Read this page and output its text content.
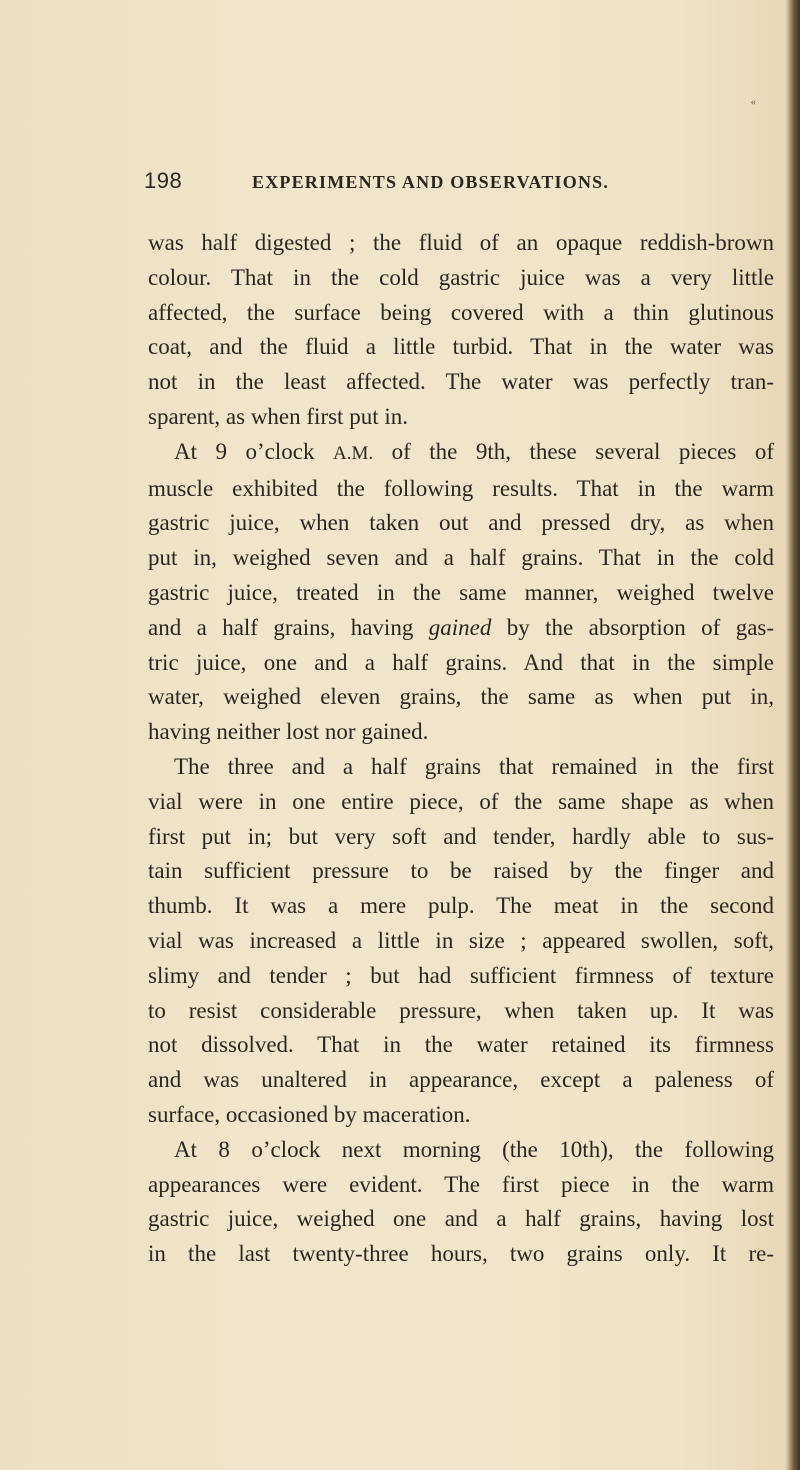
«
198	EXPERIMENTS AND OBSERVATIONS.

was half digested ; the fluid of an opaque reddish-brown
colour. That in the cold gastric juice was a very little
affected, the surface being covered with a thin glutinous
coat, and the fluid a little turbid. That in the water was
not in the least affected. The water was perfectly tran-
sparent, as when first put in.

At 9 o’clock A.M. of the 9th, these several pieces of
muscle exhibited the following results. That in the warm
gastric juice, when taken out and pressed dry, as when
put in, weighed seven and a half grains. That in the cold
gastric juice, treated in the same manner, weighed twelve
and a half grains, having gained by the absorption of gas-
tric juice, one and a half grains. And that in the simple
water, weighed eleven grains, the same as when put in,
having neither lost nor gained.

The three and a half grains that remained in the first
vial were in one entire piece, of the same shape as when
first put in; but very soft and tender, hardly able to sus-
tain sufficient pressure to be raised by the finger and
thumb. It was a mere pulp. The meat in the second
vial was increased a little in size ; appeared swollen, soft,
slimy and tender ; but had sufficient firmness of texture
to resist considerable pressure, when taken up. It was
not dissolved. That in the water retained its firmness
and was unaltered in appearance, except a paleness of
surface, occasioned by maceration.

At 8 o’clock next morning (the 10th), the following
appearances were evident. The first piece in the warm
gastric juice, weighed one and a half grains, having lost
in the last twenty-three hours, two grains only. It re-
